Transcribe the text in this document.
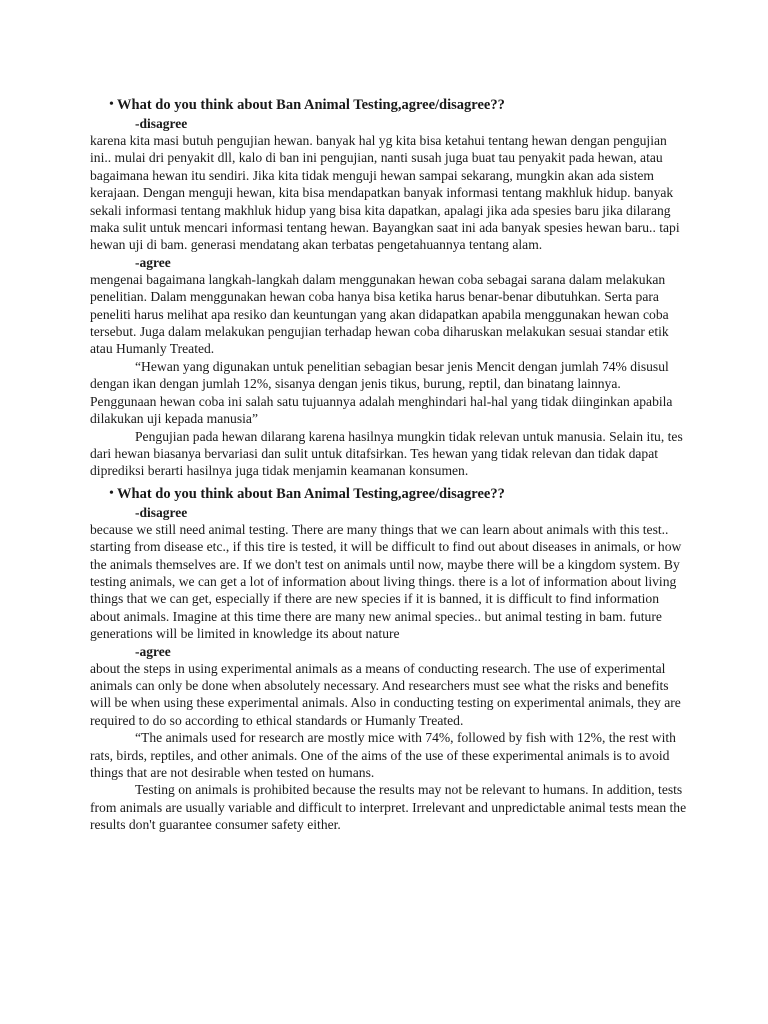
• What do you think about Ban Animal Testing,agree/disagree??

-disagree

karena kita masi butuh pengujian hewan. banyak hal yg kita bisa ketahui tentang hewan dengan pengujian ini.. mulai dri penyakit dll, kalo di ban ini pengujian, nanti susah juga buat tau penyakit pada hewan, atau bagaimana hewan itu sendiri. Jika kita tidak menguji hewan sampai sekarang, mungkin akan ada sistem kerajaan. Dengan menguji hewan, kita bisa mendapatkan banyak informasi tentang makhluk hidup. banyak sekali informasi tentang makhluk hidup yang bisa kita dapatkan, apalagi jika ada spesies baru jika dilarang maka sulit untuk mencari informasi tentang hewan. Bayangkan saat ini ada banyak spesies hewan baru.. tapi hewan uji di bam. generasi mendatang akan terbatas pengetahuannya tentang alam.

-agree

mengenai bagaimana langkah-langkah dalam menggunakan hewan coba sebagai sarana dalam melakukan penelitian. Dalam menggunakan hewan coba hanya bisa ketika harus benar-benar dibutuhkan. Serta para peneliti harus melihat apa resiko dan keuntungan yang akan didapatkan apabila menggunakan hewan coba tersebut. Juga dalam melakukan pengujian terhadap hewan coba diharuskan melakukan sesuai standar etik atau Humanly Treated.

“Hewan yang digunakan untuk penelitian sebagian besar jenis Mencit dengan jumlah 74% disusul dengan ikan dengan jumlah 12%, sisanya dengan jenis tikus, burung, reptil, dan binatang lainnya. Penggunaan hewan coba ini salah satu tujuannya adalah menghindari hal-hal yang tidak diinginkan apabila dilakukan uji kepada manusia”

Pengujian pada hewan dilarang karena hasilnya mungkin tidak relevan untuk manusia. Selain itu, tes dari hewan biasanya bervariasi dan sulit untuk ditafsirkan. Tes hewan yang tidak relevan dan tidak dapat diprediksi berarti hasilnya juga tidak menjamin keamanan konsumen.

• What do you think about Ban Animal Testing,agree/disagree??

-disagree

because we still need animal testing. There are many things that we can learn about animals with this test.. starting from disease etc., if this tire is tested, it will be difficult to find out about diseases in animals, or how the animals themselves are. If we don't test on animals until now, maybe there will be a kingdom system. By testing animals, we can get a lot of information about living things. there is a lot of information about living things that we can get, especially if there are new species if it is banned, it is difficult to find information about animals. Imagine at this time there are many new animal species.. but animal testing in bam. future generations will be limited in knowledge its about nature

-agree

about the steps in using experimental animals as a means of conducting research. The use of experimental animals can only be done when absolutely necessary. And researchers must see what the risks and benefits will be when using these experimental animals. Also in conducting testing on experimental animals, they are required to do so according to ethical standards or Humanly Treated.

“The animals used for research are mostly mice with 74%, followed by fish with 12%, the rest with rats, birds, reptiles, and other animals. One of the aims of the use of these experimental animals is to avoid things that are not desirable when tested on humans.

Testing on animals is prohibited because the results may not be relevant to humans. In addition, tests from animals are usually variable and difficult to interpret. Irrelevant and unpredictable animal tests mean the results don't guarantee consumer safety either.
